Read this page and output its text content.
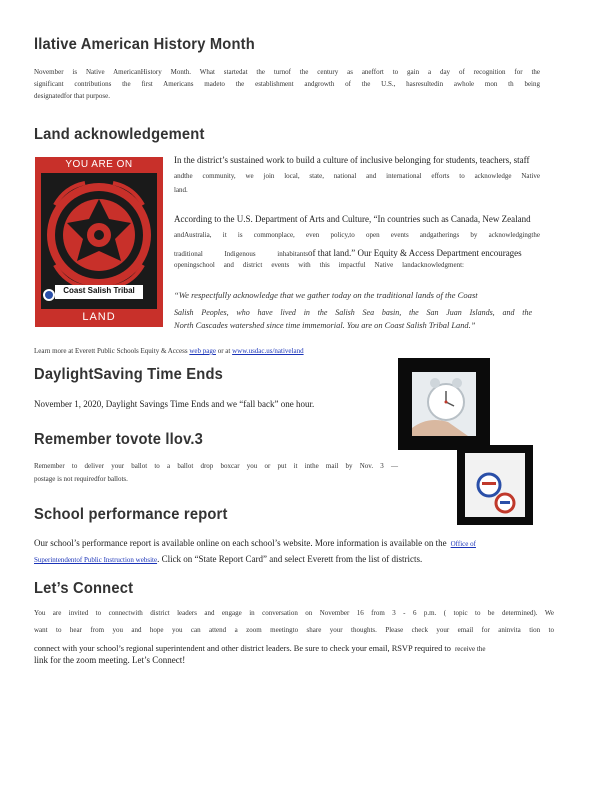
llative American History Month
November is Native AmericanHistory Month. What startedat the turnof the century as aneffort to gain a day of recognition for the
significant contributions the first Americans madeto the establishment andgrowth of the U.S., hasresultedin awhole mon th being
designatedfor that purpose.
Land acknowledgement
YOU ARE ON
Coast Salish Tribal
LAND
In the district’s sustained work to build a culture of inclusive belonging for students, teachers, staff
andthe community, we join local, state, national and international efforts to acknowledge Native
land.
According to the U.S. Department of Arts and Culture, “In countries such as Canada, New Zealand
andAustralia, it is commonplace, even policy,to open events andgatherings by acknowledgingthe
traditional Indigenous inhabitantsof that land.” Our Equity & Access Department encourages
openingschool and district events with this impactful Native landacknowledgment:
“We respectfully acknowledge that we gather today on the traditional lands of the Coast
Salish Peoples, who have lived in the Salish Sea basin, the San Juan Islands, and the
North Cascades watershed since time immemorial. You are on Coast Salish Tribal Land.”
Learn more at Everett Public Schools Equity & Access web page or at www.usdac.us/nativeland
DaylightSaving Time Ends
November 1, 2020, Daylight Savings Time Ends and we “fall back” one hour.
Remember tovote llov.3
Remember to deliver your ballot to a ballot drop boxcar you or put it inthe mail by Nov. 3 —
postage is not requiredfor ballots.
School performance report
Our school’s performance report is available online on each school’s website. More information is available on the Office of
Superintendentof Public Instruction website. Click on “State Report Card” and select Everett from the list of districts.
Let’s Connect
You are invited to connectwith district leaders and engage in conversation on November 16 from 3 - 6 p.m. ( topic to be determined). We
want to hear from you and hope you can attend a zoom meetingto share your thoughts. Please check your email for aninvita tion to
connect with your school’s regional superintendent and other district leaders. Be sure to check your email, RSVP required to receive the
link for the zoom meeting. Let’s Connect!
